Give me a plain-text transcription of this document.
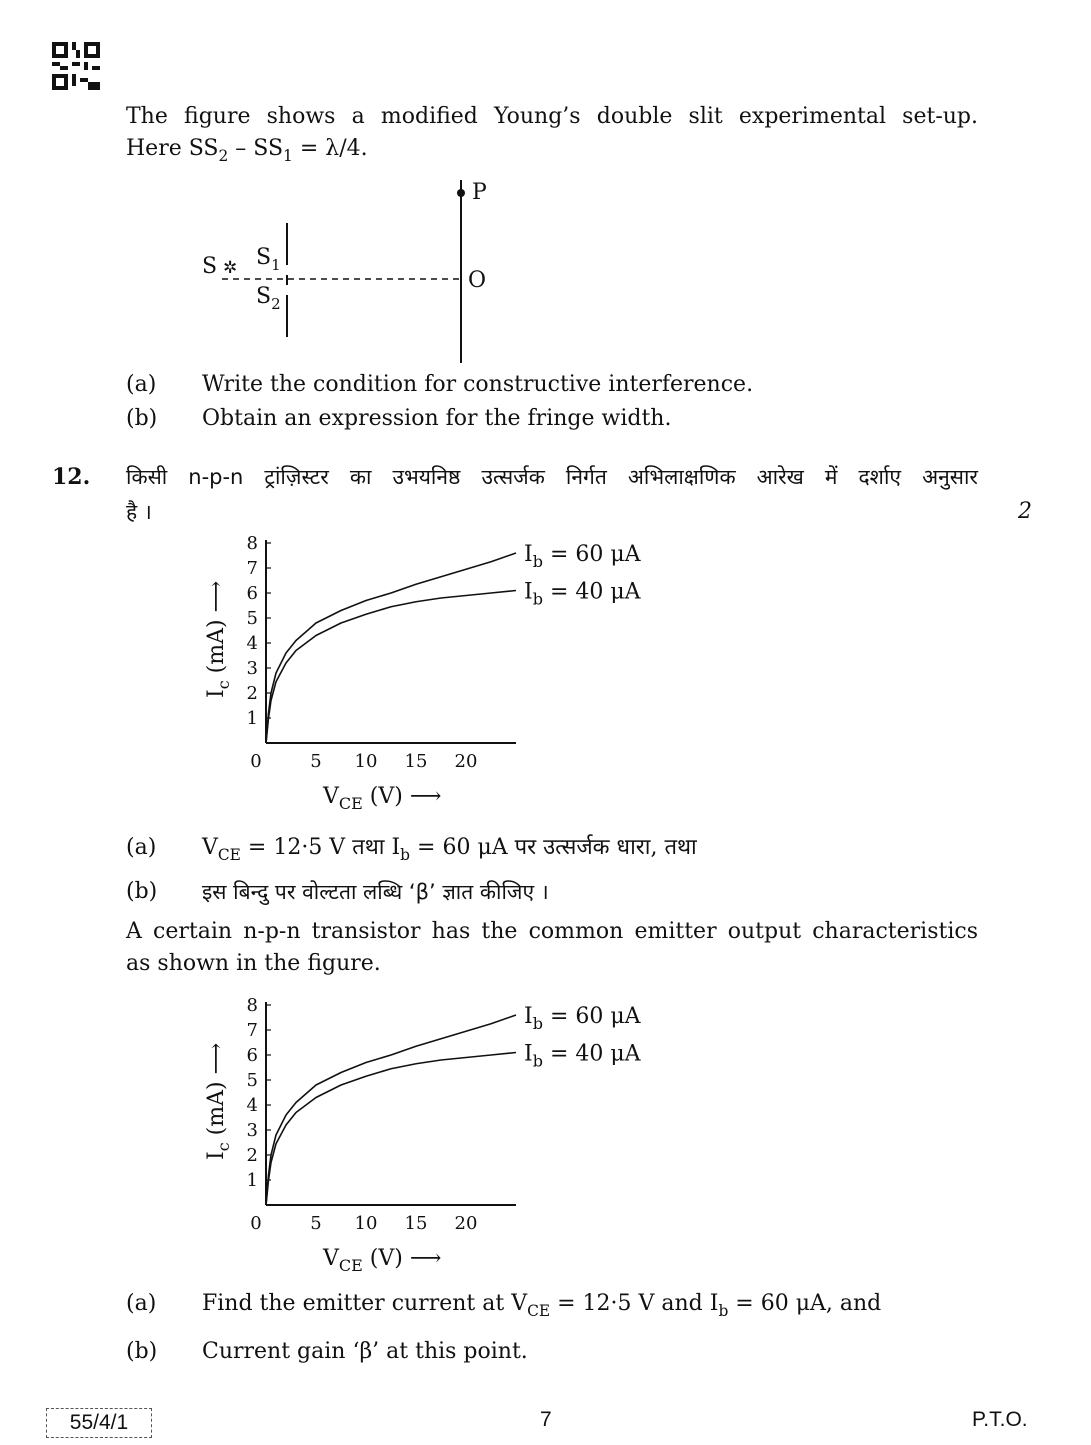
The figure shows a modified Young’s double slit experimental set-up.
Here $SS_2 - SS_1 = \lambda/4$.
P
O
S ✲ $S_1$
$S_2$
(a) Write the condition for constructive interference.
(b) Obtain an expression for the fringe width.
12. किसी n-p-n ट्रांज़िस्टर का उभयनिष्ठ उत्सर्जक निर्गत अभिलाक्षणिक आरेख में दर्शाए अनुसार
है ।	2
1
2
3
4
5
6
7
8
0	5 10 15 20
$V_{CE}$ (V) ⟶
$I_c$ (mA) ⟶
$I_b = 60$ μA
$I_b = 40$ μA
(a) $V_{CE} = 12\cdot 5$ V तथा $I_b = 60$ μA पर उत्सर्जक धारा, तथा
(b) इस बिन्दु पर वोल्टता लब्धि ‘β’ ज्ञात कीजिए ।
A certain n-p-n transistor has the common emitter output characteristics
as shown in the figure.
1
2
3
4
5
6
7
8
0	5 10 15 20
$V_{CE}$ (V) ⟶
$I_c$ (mA) ⟶
$I_b = 60$ μA
$I_b = 40$ μA
(a) Find the emitter current at $V_{CE} = 12\cdot 5$ V and $I_b = 60$ μA, and
(b) Current gain ‘β’ at this point.
55/4/1	7	P.T.O.
